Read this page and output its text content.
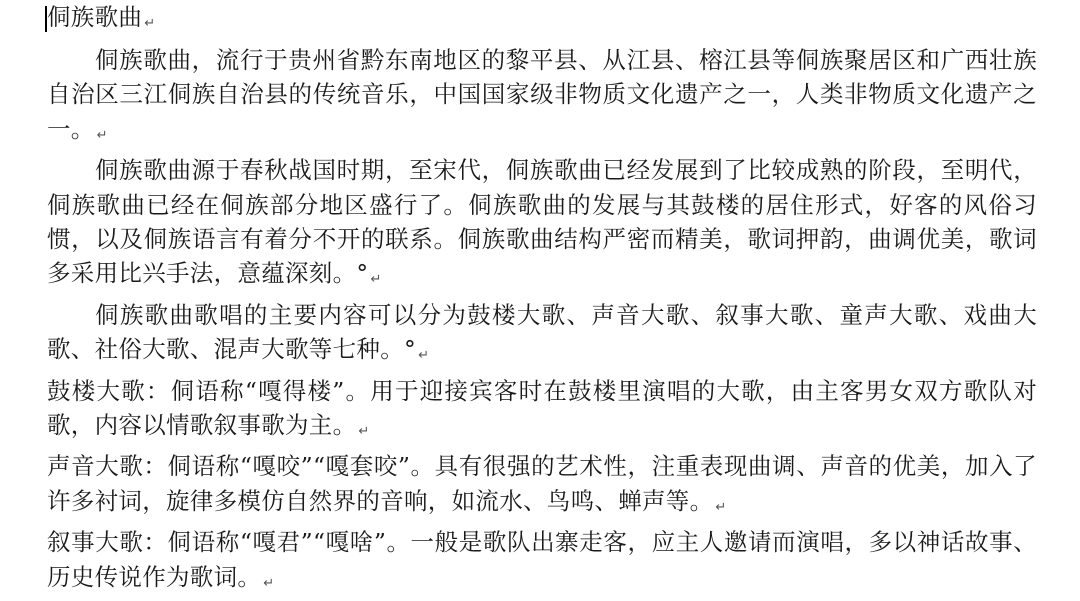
侗族歌曲 ↵

侗族歌曲，流行于贵州省黔东南地区的黎平县、从江县、榕江县等侗族聚居区和广西壮族自治区三江侗族自治县的传统音乐，中国国家级非物质文化遗产之一，人类非物质文化遗产之一。 ↵

侗族歌曲源于春秋战国时期，至宋代，侗族歌曲已经发展到了比较成熟的阶段，至明代，侗族歌曲已经在侗族部分地区盛行了。侗族歌曲的发展与其鼓楼的居住形式，好客的风俗习惯，以及侗族语言有着分不开的联系。侗族歌曲结构严密而精美，歌词押韵，曲调优美，歌词多采用比兴手法，意蕴深刻。° ↵

侗族歌曲歌唱的主要内容可以分为鼓楼大歌、声音大歌、叙事大歌、童声大歌、戏曲大歌、社俗大歌、混声大歌等七种。° ↵

鼓楼大歌：侗语称“嘎得楼”。用于迎接宾客时在鼓楼里演唱的大歌，由主客男女双方歌队对歌，内容以情歌叙事歌为主。 ↵

声音大歌：侗语称“嘎咬”“嘎套咬”。具有很强的艺术性，注重表现曲调、声音的优美，加入了许多衬词，旋律多模仿自然界的音响，如流水、鸟鸣、蝉声等。 ↵

叙事大歌：侗语称“嘎君”“嘎啥”。一般是歌队出寨走客，应主人邀请而演唱，多以神话故事、历史传说作为歌词。 ↵
